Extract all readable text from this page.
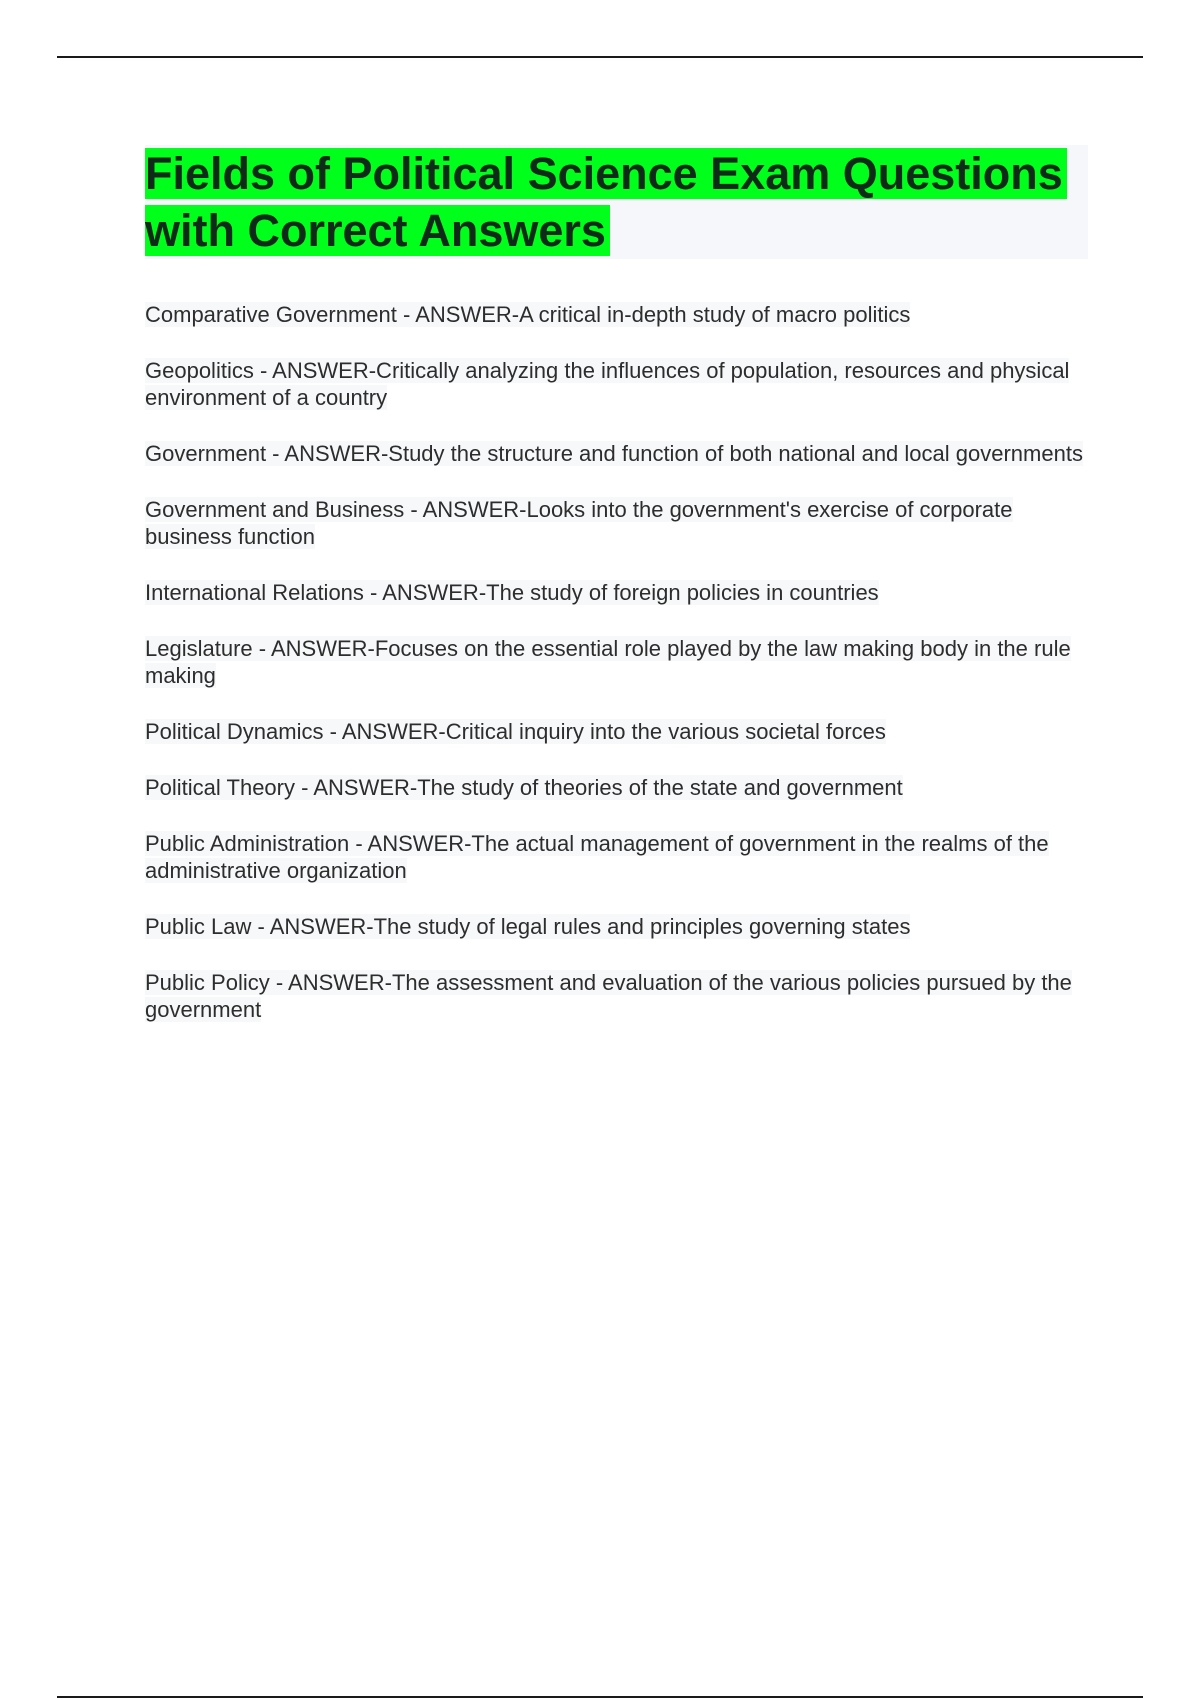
Fields of Political Science Exam Questions with Correct Answers
Comparative Government - ANSWER-A critical in-depth study of macro politics
Geopolitics - ANSWER-Critically analyzing the influences of population, resources and physical environment of a country
Government - ANSWER-Study the structure and function of both national and local governments
Government and Business - ANSWER-Looks into the government's exercise of corporate business function
International Relations - ANSWER-The study of foreign policies in countries
Legislature - ANSWER-Focuses on the essential role played by the law making body in the rule making
Political Dynamics - ANSWER-Critical inquiry into the various societal forces
Political Theory - ANSWER-The study of theories of the state and government
Public Administration - ANSWER-The actual management of government in the realms of the administrative organization
Public Law - ANSWER-The study of legal rules and principles governing states
Public Policy - ANSWER-The assessment and evaluation of the various policies pursued by the government
